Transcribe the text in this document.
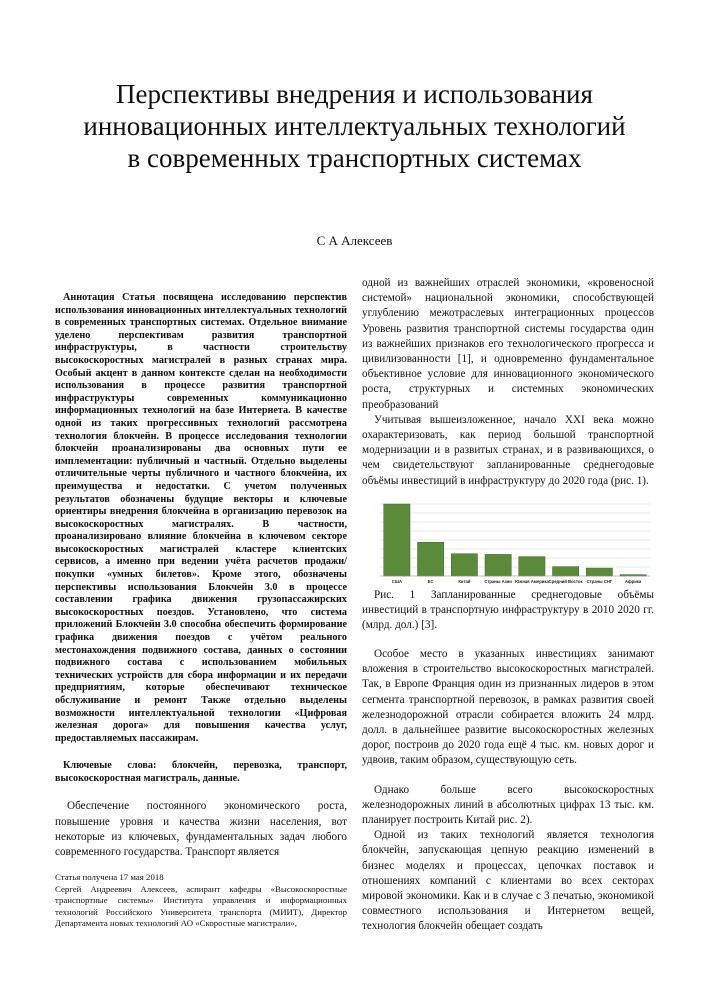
Перспективы внедрения и использования инновационных интеллектуальных технологий в современных транспортных системах
С А Алексеев

Аннотация Статья посвящена исследованию перспектив использования инновационных интеллектуальных технологий в современных транспортных системах. Отдельное внимание уделено перспективам развития транспортной инфраструктуры, в частности строительству высокоскоростных магистралей в разных странах мира. Особый акцент в данном контексте сделан на необходимости использования в процессе развития транспортной инфраструктуры современных коммуникационно информационных технологий на базе Интернета. В качестве одной из таких прогрессивных технологий рассмотрена технология блокчейн. В процессе исследования технологии блокчейн проанализированы два основных пути ее имплементации: публичный и частный. Отдельно выделены отличительные черты публичного и частного блокчейна, их преимущества и недостатки. С учетом полученных результатов обозначены будущие векторы и ключевые ориентиры внедрения блокчейна в организацию перевозок на высокоскоростных магистралях. В частности, проанализировано влияние блокчейна в ключевом секторе высокоскоростных магистралей кластере клиентских сервисов, а именно при ведении учёта расчетов продажи/покупки «умных билетов». Кроме этого, обозначены перспективы использования Блокчейн 3.0 в процессе составлении графика движения грузопассажирских высокоскоростных поездов. Установлено, что система приложений Блокчейн 3.0 способна обеспечить формирование графика движения поездов с учётом реального местонахождения подвижного состава, данных о состоянии подвижного состава с использованием мобильных технических устройств для сбора информации и их передачи предприятиям, которые обеспечивают техническое обслуживание и ремонт Также отдельно выделены возможности интеллектуальной технологии «Цифровая железная дорога» для повышения качества услуг, предоставляемых пассажирам.

Ключевые слова: блокчейн, перевозка, транспорт, высокоскоростная магистраль, данные.

Обеспечение постоянного экономического роста, повышение уровня и качества жизни населения, вот некоторые из ключевых, фундаментальных задач любого современного государства. Транспорт является

Статья получена 17 мая 2018

Сергей Андреевич Алексеев, аспирант кафедры «Высокоскоростные транспортные системы» Института управления и информационных технологий Российского Университета транспорта (МИИТ), Директор Департамента новых технологий АО «Скоростные магистрали»,

одной из важнейших отраслей экономики, «кровеносной системой» национальной экономики, способствующей углублению межотраслевых интеграционных процессов Уровень развития транспортной системы государства один из важнейших признаков его технологического прогресса и цивилизованности [1], и одновременно фундаментальное объективное условие для инновационного экономического роста, структурных и системных экономических преобразований

Учитывая вышеизложенное, начало XXI века можно охарактеризовать, как период большой транспортной модернизации и в развитых странах, и в развивающихся, о чем свидетельствуют запланированные среднегодовые объёмы инвестиций в инфраструктуру до 2020 года (рис. 1).

США	ЕС	Китай	Страны Азии Южная Америка Средний Восток Страны СНГ	Африка

Рис. 1 Запланированные среднегодовые объёмы инвестиций в транспортную инфраструктуру в 2010 2020 гг. (млрд. дол.) [3].

Особое место в указанных инвестициях занимают вложения в строительство высокоскоростных магистралей. Так, в Европе Франция один из признанных лидеров в этом сегмента транспортной перевозок, в рамках развития своей железнодорожной отрасли собирается вложить 24 млрд. долл. в дальнейшее развитие высокоскоростных железных дорог, построив до 2020 года ещё 4 тыс. км. новых дорог и удвоив, таким образом, существующую сеть.

Однако больше всего высокоскоростных железнодорожных линий в абсолютных цифрах 13 тыс. км. планирует построить Китай рис. 2).

Одной из таких технологий является технология блокчейн, запускающая цепную реакцию изменений в бизнес моделях и процессах, цепочках поставок и отношениях компаний с клиентами во всех секторах мировой экономики. Как и в случае с 3 печатью, экономикой совместного использования и Интернетом вещей, технология блокчейн обещает создать
